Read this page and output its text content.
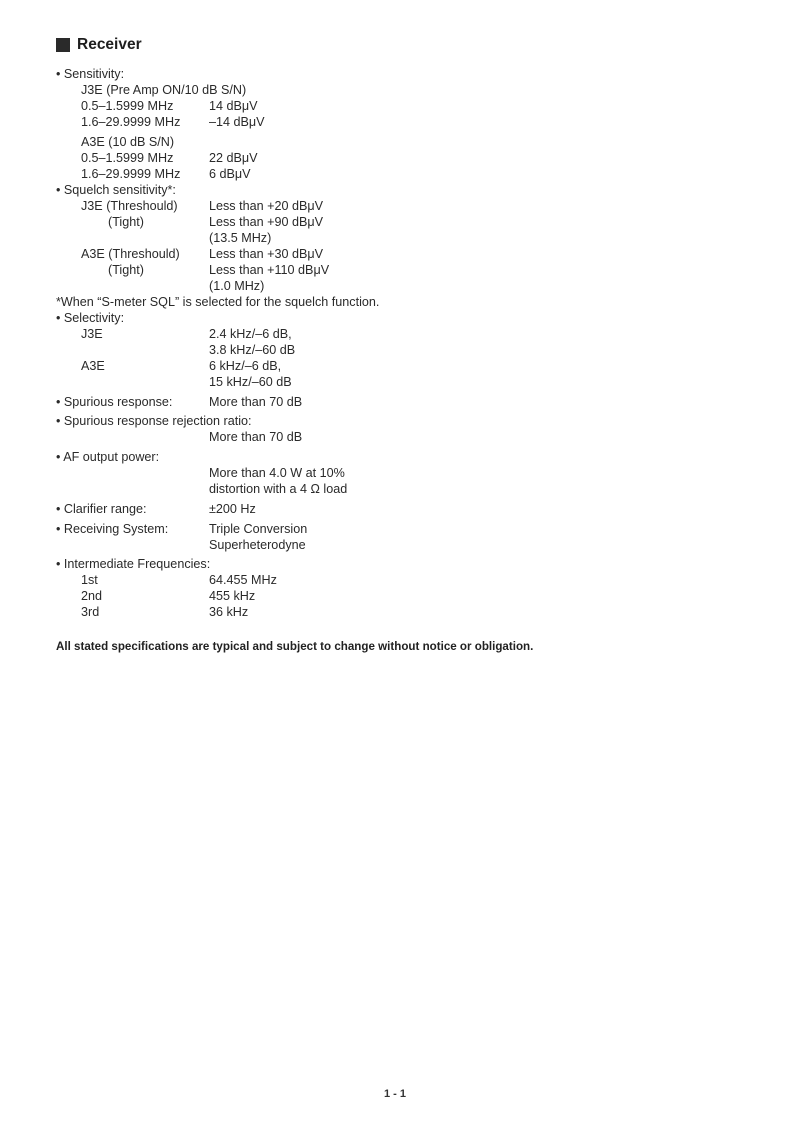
Receiver
• Sensitivity:
J3E (Pre Amp ON/10 dB S/N)
0.5–1.5999 MHz	14 dBμV
1.6–29.9999 MHz –14 dBμV
A3E (10 dB S/N)
0.5–1.5999 MHz	22 dBμV
1.6–29.9999 MHz 6 dBμV
• Squelch sensitivity*:
J3E (Threshould) Less than +20 dBμV
(Tight)	Less than +90 dBμV
(13.5 MHz)
A3E (Threshould) Less than +30 dBμV
(Tight)	Less than +110 dBμV
(1.0 MHz)
*When “S-meter SQL” is selected for the squelch function.
• Selectivity:
J3E	2.4 kHz/–6 dB,
3.8 kHz/–60 dB
A3E	6 kHz/–6 dB,
15 kHz/–60 dB
• Spurious response:	More than 70 dB
• Spurious response rejection ratio:
More than 70 dB
• AF output power:
More than 4.0 W at 10%
distortion with a 4 Ω load
• Clarifier range:	±200 Hz
• Receiving System:	Triple Conversion
Superheterodyne
• Intermediate Frequencies:
1st	64.455 MHz
2nd	455 kHz
3rd	36 kHz
All stated specifications are typical and subject to change without notice or obligation.
1 - 1
